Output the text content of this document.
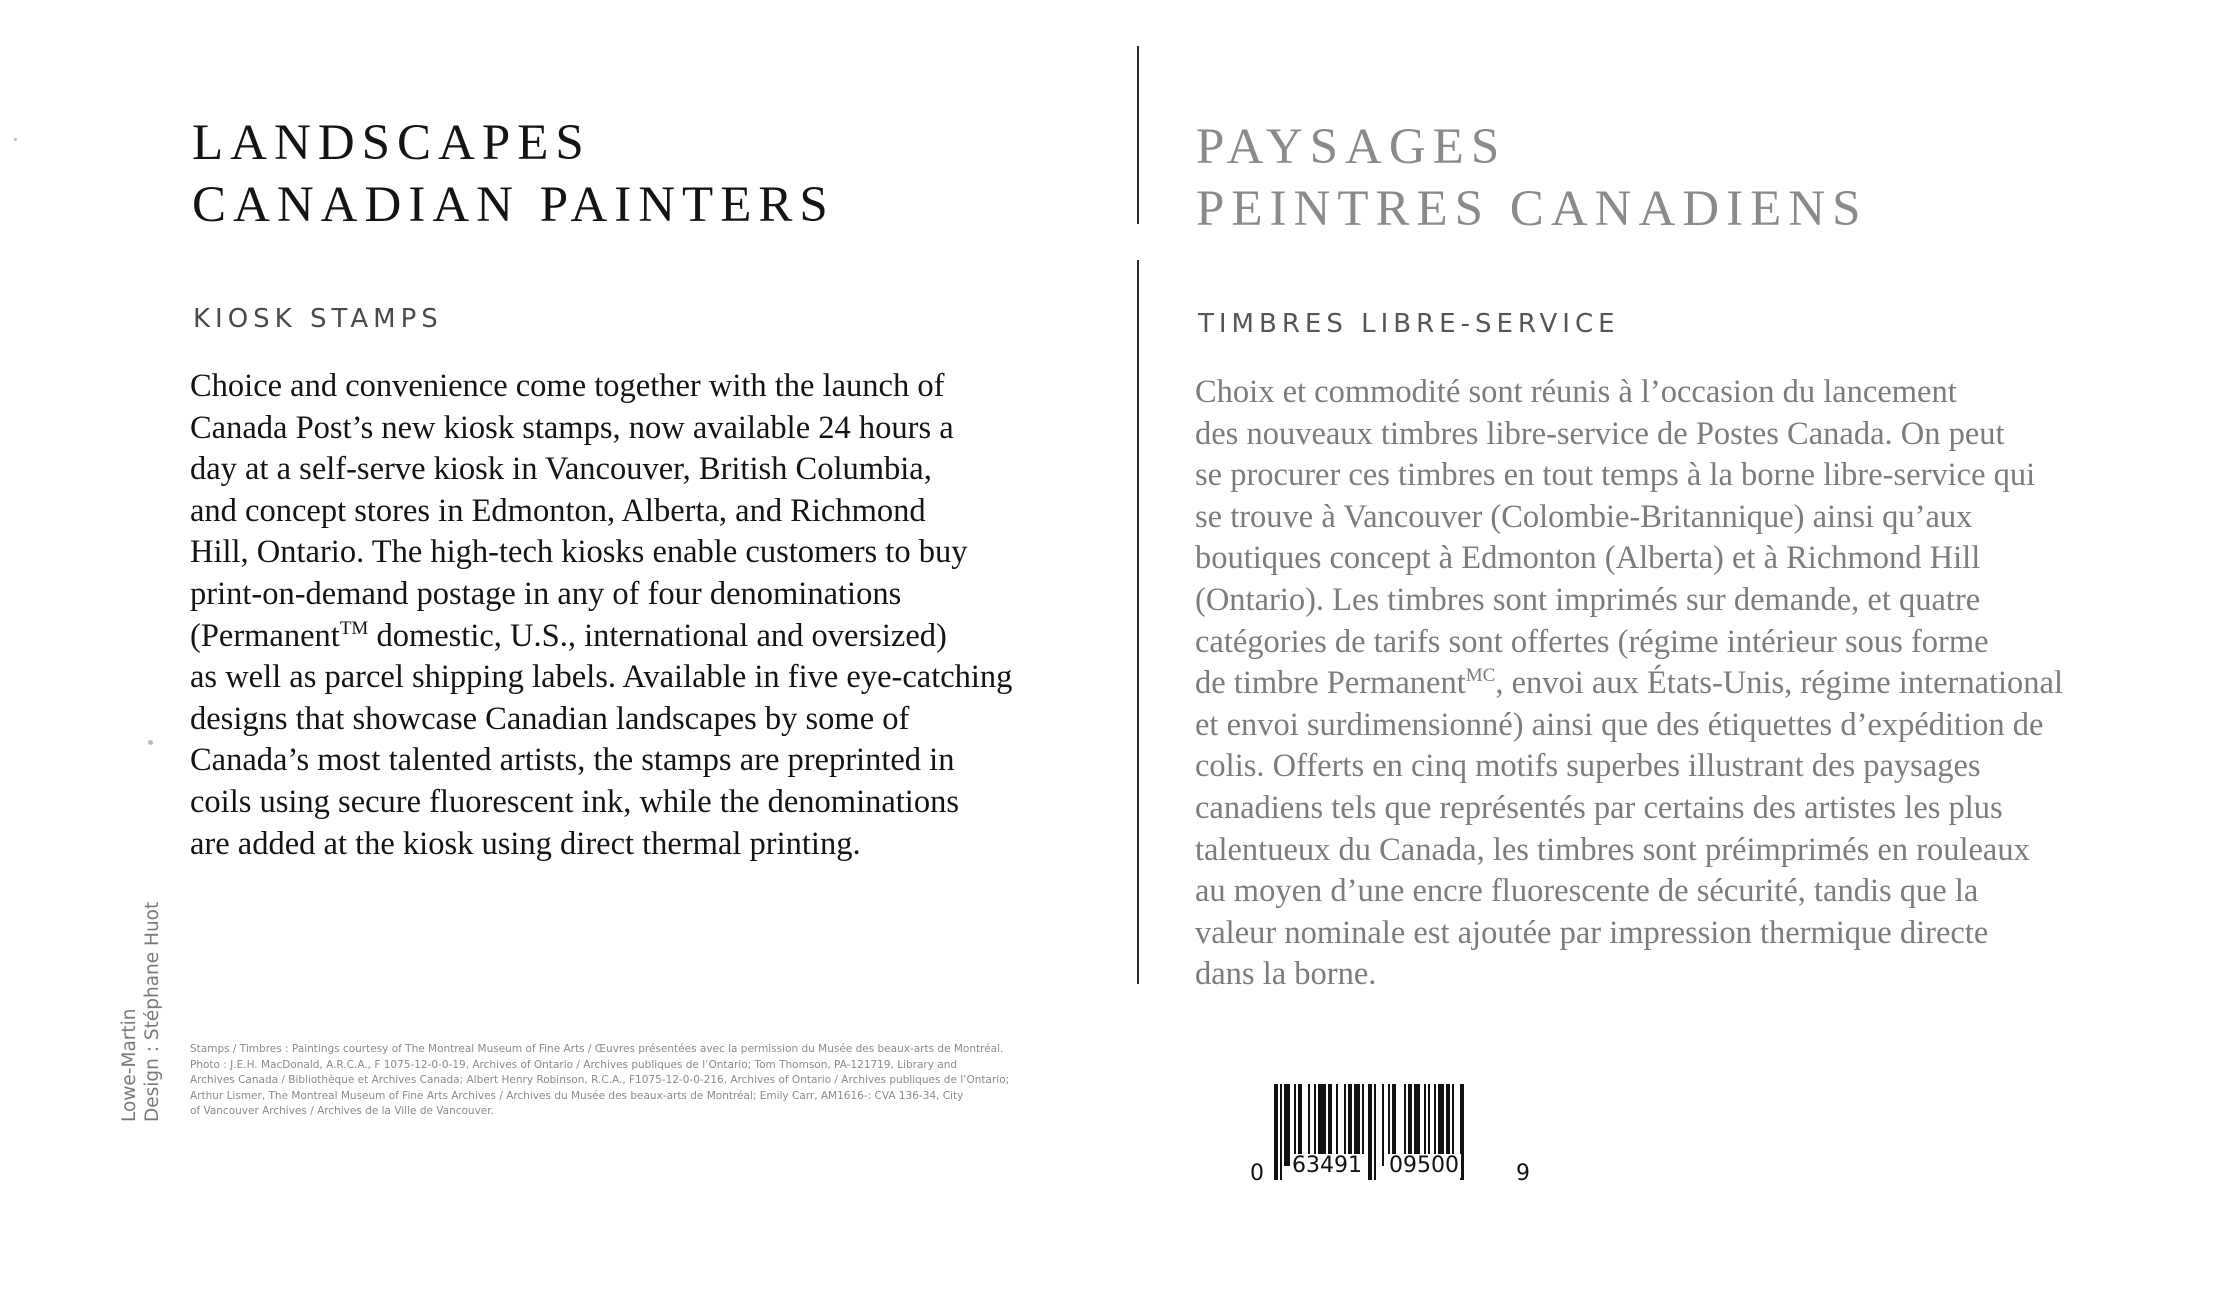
LANDSCAPES

CANADIAN PAINTERS

KIOSK STAMPS
Choice and convenience come together with the launch of
Canada Post’s new kiosk stamps, now available 24 hours a
day at a self-serve kiosk in Vancouver, British Columbia,
and concept stores in Edmonton, Alberta, and Richmond
Hill, Ontario. The high-tech kiosks enable customers to buy
print-on-demand postage in any of four denominations
(Permanent™ domestic, U.S., international and oversized)
as well as parcel shipping labels. Available in five eye-catching
designs that showcase Canadian landscapes by some of
Canada’s most talented artists, the stamps are preprinted in
coils using secure fluorescent ink, while the denominations
are added at the kiosk using direct thermal printing.

PAYSAGES

PEINTRES CANADIENS

TIMBRES LIBRE-SERVICE
Choix et commodité sont réunis à l’occasion du lancement
des nouveaux timbres libre-service de Postes Canada. On peut
se procurer ces timbres en tout temps à la borne libre-service qui
se trouve à Vancouver (Colombie-Britannique) ainsi qu’aux
boutiques concept à Edmonton (Alberta) et à Richmond Hill
(Ontario). Les timbres sont imprimés sur demande, et quatre
catégories de tarifs sont offertes (régime intérieur sous forme
de timbre Permanent$^{MC}$, envoi aux États-Unis, régime international
et envoi surdimensionné) ainsi que des étiquettes d’expédition de
colis. Offerts en cinq motifs superbes illustrant des paysages
canadiens tels que représentés par certains des artistes les plus
talentueux du Canada, les timbres sont préimprimés en rouleaux
au moyen d’une encre fluorescente de sécurité, tandis que la
valeur nominale est ajoutée par impression thermique directe
dans la borne.
Stamps / Timbres : Paintings courtesy of The Montreal Museum of Fine Arts / Œuvres présentées avec la permission du Musée des beaux-arts de Montréal.
Photo : J.E.H. MacDonald, A.R.C.A., F 1075-12-0-0-19, Archives of Ontario / Archives publiques de l’Ontario; Tom Thomson, PA-121719, Library and
Archives Canada / Bibliothèque et Archives Canada; Albert Henry Robinson, R.C.A., F1075-12-0-0-216, Archives of Ontario / Archives publiques de l’Ontario;
Arthur Lismer, The Montreal Museum of Fine Arts Archives / Archives du Musée des beaux-arts de Montréal; Emily Carr, AM1616-: CVA 136-34, City
of Vancouver Archives / Archives de la Ville de Vancouver.
Lowe-Martin Design : Stéphane Huot
0 63491 09500	9
